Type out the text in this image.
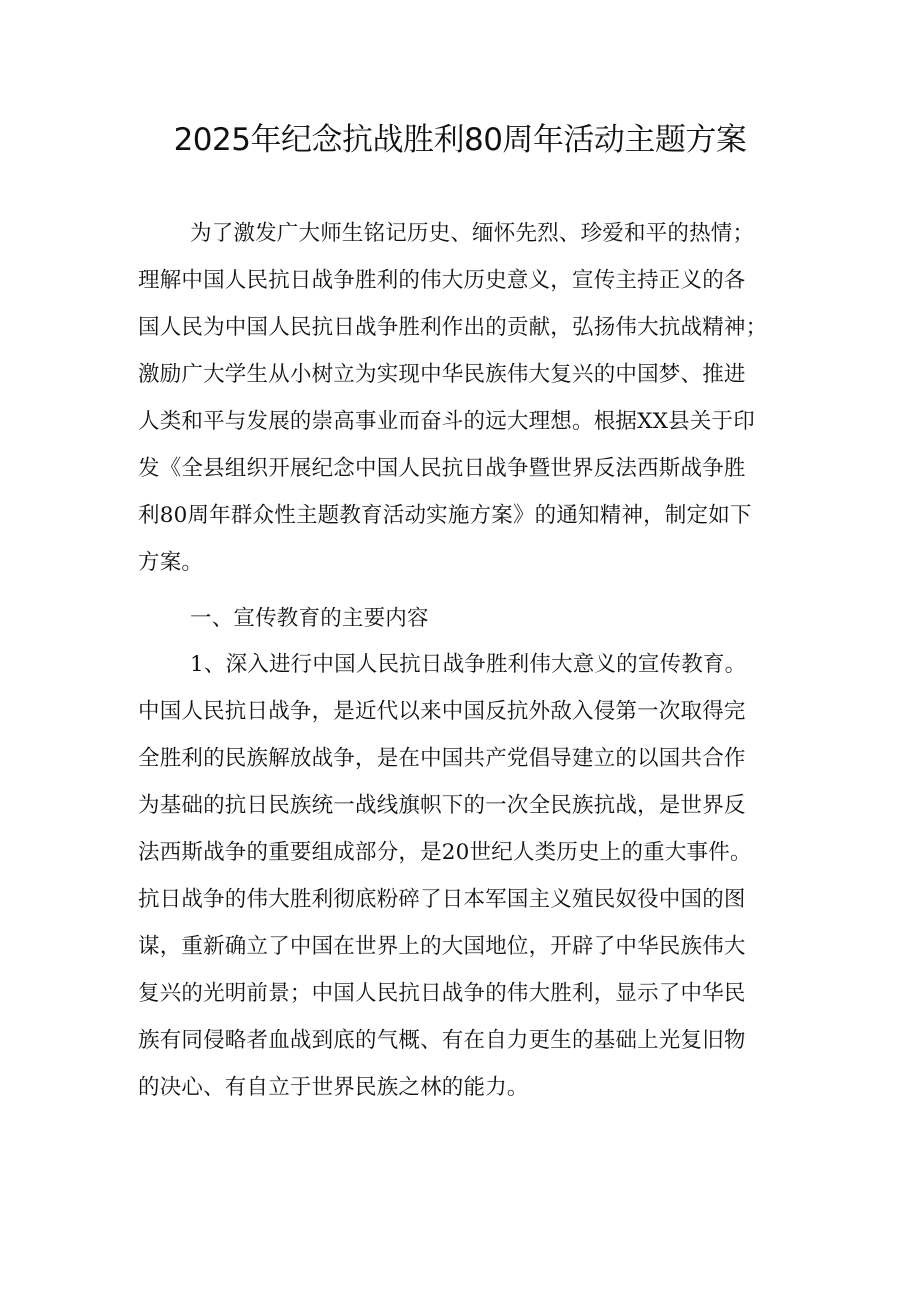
2025年纪念抗战胜利80周年活动主题方案
为了激发广大师生铭记历史、缅怀先烈、珍爱和平的热情；
理解中国人民抗日战争胜利的伟大历史意义，宣传主持正义的各
国人民为中国人民抗日战争胜利作出的贡献，弘扬伟大抗战精神；
激励广大学生从小树立为实现中华民族伟大复兴的中国梦、推进
人类和平与发展的崇高事业而奋斗的远大理想。根据XX县关于印
发《全县组织开展纪念中国人民抗日战争暨世界反法西斯战争胜
利80周年群众性主题教育活动实施方案》的通知精神，制定如下
方案。
一、宣传教育的主要内容
1、深入进行中国人民抗日战争胜利伟大意义的宣传教育。
中国人民抗日战争，是近代以来中国反抗外敌入侵第一次取得完
全胜利的民族解放战争，是在中国共产党倡导建立的以国共合作
为基础的抗日民族统一战线旗帜下的一次全民族抗战，是世界反
法西斯战争的重要组成部分，是20世纪人类历史上的重大事件。
抗日战争的伟大胜利彻底粉碎了日本军国主义殖民奴役中国的图
谋，重新确立了中国在世界上的大国地位，开辟了中华民族伟大
复兴的光明前景；中国人民抗日战争的伟大胜利，显示了中华民
族有同侵略者血战到底的气概、有在自力更生的基础上光复旧物
的决心、有自立于世界民族之林的能力。
